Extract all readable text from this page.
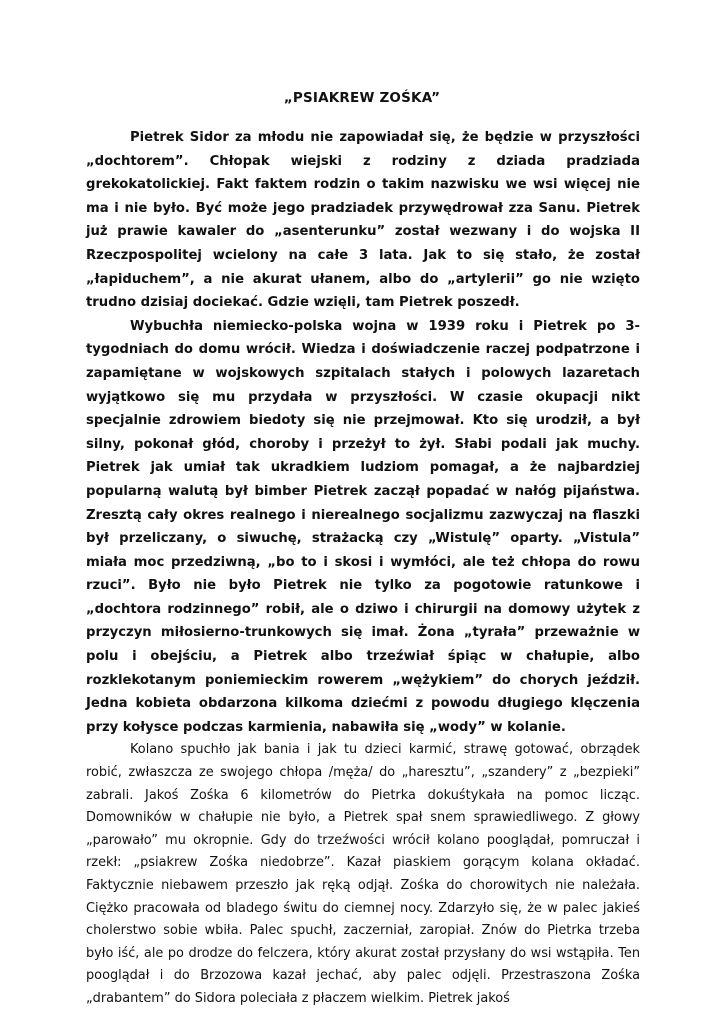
„PSIAKREW ZOŚKA”

Pietrek Sidor za młodu nie zapowiadał się, że będzie w przyszłości „dochtorem”. Chłopak wiejski z rodziny z dziada pradziada grekokatolickiej. Fakt faktem rodzin o takim nazwisku we wsi więcej nie ma i nie było. Być może jego pradziadek przywędrował zza Sanu. Pietrek już prawie kawaler do „asenterunku” został wezwany i do wojska II Rzeczpospolitej wcielony na całe 3 lata. Jak to się stało, że został „łapiduchem”, a nie akurat ułanem, albo do „artylerii” go nie wzięto trudno dzisiaj dociekać. Gdzie wzięli, tam Pietrek poszedł.

Wybuchła niemiecko-polska wojna w 1939 roku i Pietrek po 3-tygodniach do domu wrócił. Wiedza i doświadczenie raczej podpatrzone i zapamiętane w wojskowych szpitalach stałych i polowych lazaretach wyjątkowo się mu przydała w przyszłości. W czasie okupacji nikt specjalnie zdrowiem biedoty się nie przejmował. Kto się urodził, a był silny, pokonał głód, choroby i przeżył to żył. Słabi podali jak muchy. Pietrek jak umiał tak ukradkiem ludziom pomagał, a że najbardziej popularną walutą był bimber Pietrek zaczął popadać w nałóg pijaństwa. Zresztą cały okres realnego i nierealnego socjalizmu zazwyczaj na flaszki był przeliczany, o siwuchę, strażacką czy „Wistulę” oparty. „Vistula” miała moc przedziwną, „bo to i skosi i wymłóci, ale też chłopa do rowu rzuci”. Było nie było Pietrek nie tylko za pogotowie ratunkowe i „dochtora rodzinnego” robił, ale o dziwo i chirurgii na domowy użytek z przyczyn miłosierno-trunkowych się imał. Żona „tyrała” przeważnie w polu i obejściu, a Pietrek albo trzeźwiał śpiąc w chałupie, albo rozklekotanym poniemieckim rowerem „wężykiem” do chorych jeździł. Jedna kobieta obdarzona kilkoma dziećmi z powodu długiego klęczenia przy kołysce podczas karmienia, nabawiła się „wody” w kolanie.

Kolano spuchło jak bania i jak tu dzieci karmić, strawę gotować, obrządek robić, zwłaszcza ze swojego chłopa /męża/ do „haresztu”, „szandery” z „bezpieki” zabrali. Jakoś Zośka 6 kilometrów do Pietrka dokuśtykała na pomoc licząc. Domowników w chałupie nie było, a Pietrek spał snem sprawiedliwego. Z głowy „parowało” mu okropnie. Gdy do trzeźwości wrócił kolano pooglądał, pomruczał i rzekł: „psiakrew Zośka niedobrze”. Kazał piaskiem gorącym kolana okładać. Faktycznie niebawem przeszło jak ręką odjął. Zośka do chorowitych nie należała. Ciężko pracowała od bladego świtu do ciemnej nocy. Zdarzyło się, że w palec jakieś cholerstwo sobie wbiła. Palec spuchł, zaczerniał, zaropiał. Znów do Pietrka trzeba było iść, ale po drodze do felczera, który akurat został przysłany do wsi wstąpiła. Ten pooglądał i do Brzozowa kazał jechać, aby palec odjęli. Przestraszona Zośka „drabantem” do Sidora poleciała z płaczem wielkim. Pietrek jakoś
